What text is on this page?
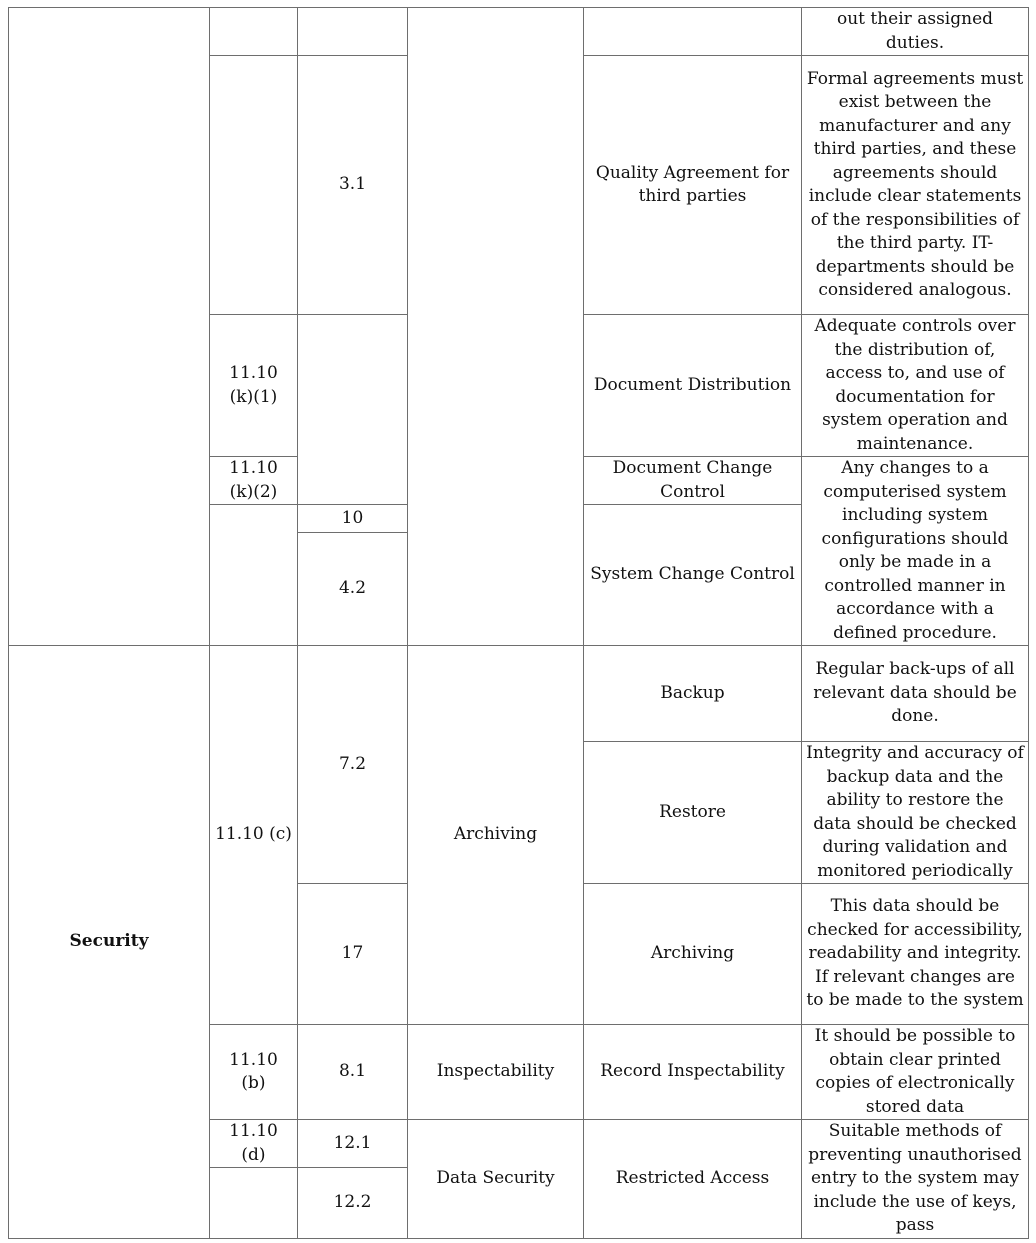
					out their assigned duties.
		3.1		Quality Agreement for third parties	Formal agreements must exist between the manufacturer and any third parties, and these agreements should include clear statements of the responsibilities of the third party. IT-departments should be considered analogous.
	11.10 (k)(1)			Document Distribution	Adequate controls over the distribution of, access to, and use of documentation for system operation and maintenance.
	11.10 (k)(2)			Document Change Control	Any changes to a computerised system including system configurations should only be made in a controlled manner in accordance with a defined procedure.
		10		System Change Control	
		4.2			
Security	11.10 (c)	7.2	Archiving	Backup	Regular back-ups of all relevant data should be done.
				Restore	Integrity and accuracy of backup data and the ability to restore the data should be checked during validation and monitored periodically
		17		Archiving	This data should be checked for accessibility, readability and integrity. If relevant changes are to be made to the system
	11.10 (b)	8.1	Inspectability	Record Inspectability	It should be possible to obtain clear printed copies of electronically stored data
	11.10 (d)	12.1	Data Security	Restricted Access	Suitable methods of preventing unauthorised entry to the system may include the use of keys, pass
		12.2			
